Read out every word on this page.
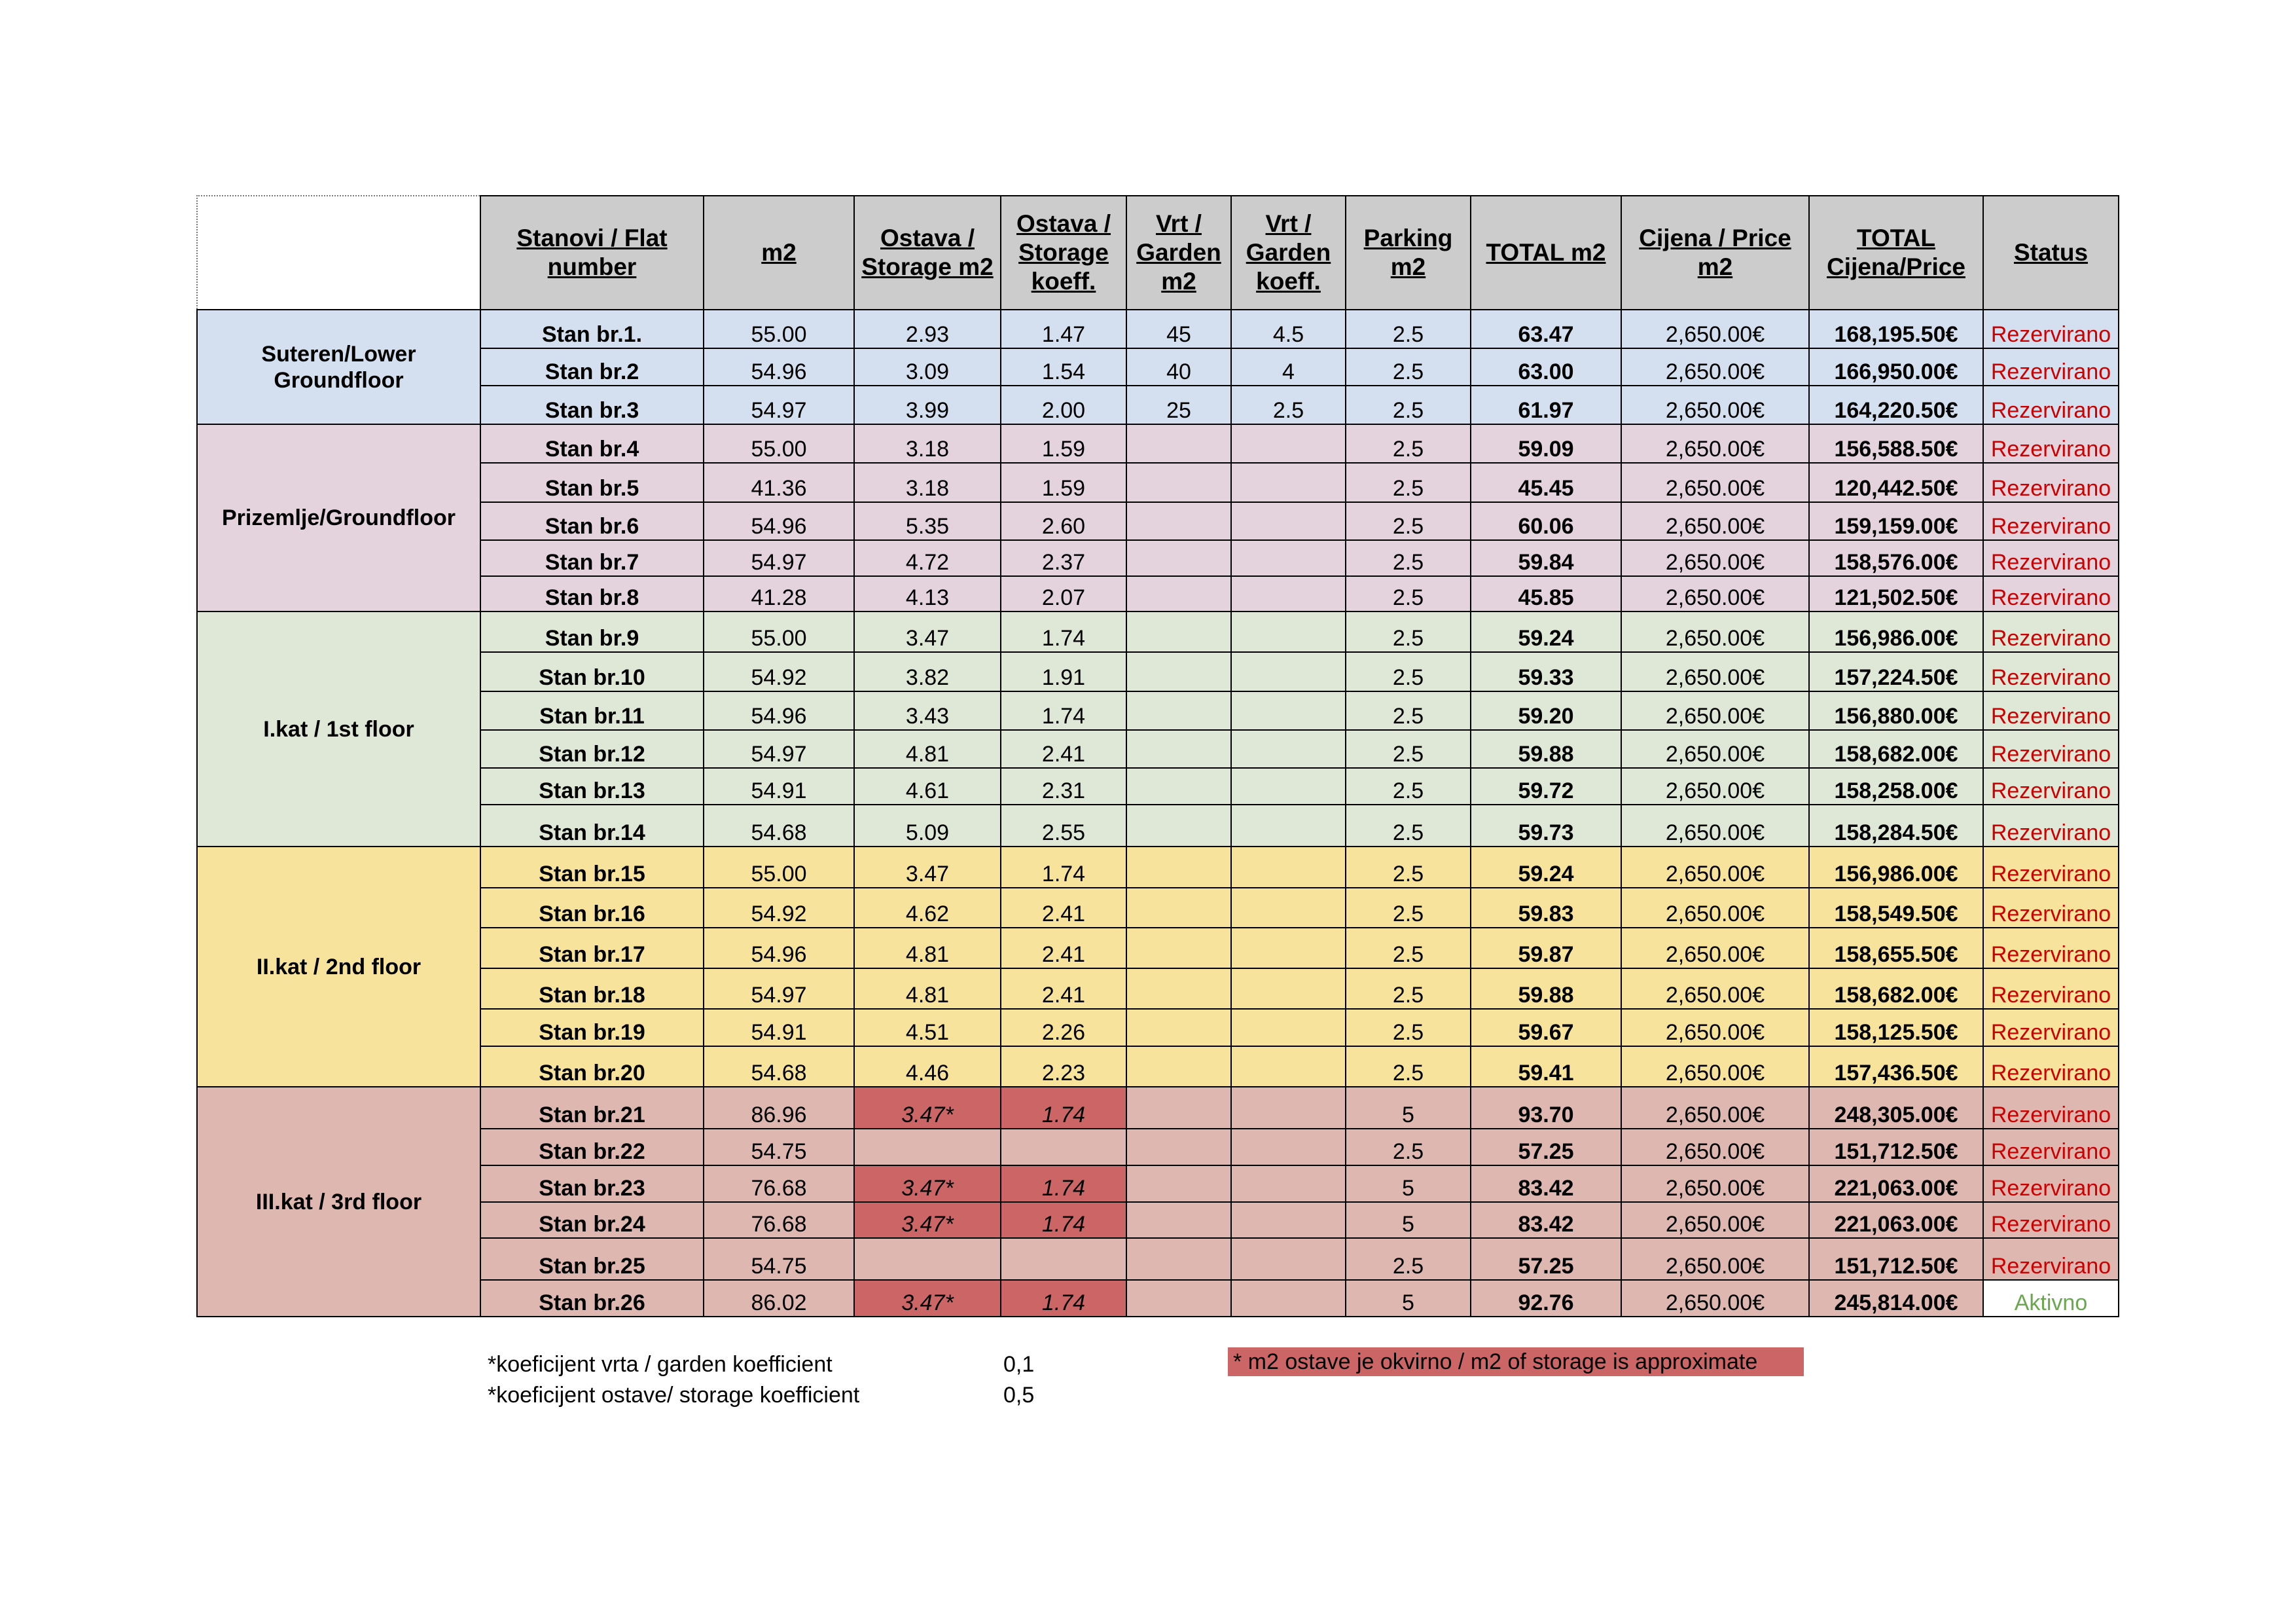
	Stanovi / Flat number	m2	Ostava / Storage m2	Ostava / Storage koeff.	Vrt / Garden m2	Vrt / Garden koeff.	Parking m2	TOTAL m2	Cijena / Price m2	TOTAL Cijena/Price	Status
Suteren/Lower Groundfloor	Stan br.1.	55.00	2.93	1.47	45	4.5	2.5	63.47	2,650.00€	168,195.50€	Rezervirano
	Stan br.2	54.96	3.09	1.54	40	4	2.5	63.00	2,650.00€	166,950.00€	Rezervirano
	Stan br.3	54.97	3.99	2.00	25	2.5	2.5	61.97	2,650.00€	164,220.50€	Rezervirano
Prizemlje/Groundfloor	Stan br.4	55.00	3.18	1.59			2.5	59.09	2,650.00€	156,588.50€	Rezervirano
	Stan br.5	41.36	3.18	1.59			2.5	45.45	2,650.00€	120,442.50€	Rezervirano
	Stan br.6	54.96	5.35	2.60			2.5	60.06	2,650.00€	159,159.00€	Rezervirano
	Stan br.7	54.97	4.72	2.37			2.5	59.84	2,650.00€	158,576.00€	Rezervirano
	Stan br.8	41.28	4.13	2.07			2.5	45.85	2,650.00€	121,502.50€	Rezervirano
I.kat / 1st floor	Stan br.9	55.00	3.47	1.74			2.5	59.24	2,650.00€	156,986.00€	Rezervirano
	Stan br.10	54.92	3.82	1.91			2.5	59.33	2,650.00€	157,224.50€	Rezervirano
	Stan br.11	54.96	3.43	1.74			2.5	59.20	2,650.00€	156,880.00€	Rezervirano
	Stan br.12	54.97	4.81	2.41			2.5	59.88	2,650.00€	158,682.00€	Rezervirano
	Stan br.13	54.91	4.61	2.31			2.5	59.72	2,650.00€	158,258.00€	Rezervirano
	Stan br.14	54.68	5.09	2.55			2.5	59.73	2,650.00€	158,284.50€	Rezervirano
II.kat / 2nd floor	Stan br.15	55.00	3.47	1.74			2.5	59.24	2,650.00€	156,986.00€	Rezervirano
	Stan br.16	54.92	4.62	2.41			2.5	59.83	2,650.00€	158,549.50€	Rezervirano
	Stan br.17	54.96	4.81	2.41			2.5	59.87	2,650.00€	158,655.50€	Rezervirano
	Stan br.18	54.97	4.81	2.41			2.5	59.88	2,650.00€	158,682.00€	Rezervirano
	Stan br.19	54.91	4.51	2.26			2.5	59.67	2,650.00€	158,125.50€	Rezervirano
	Stan br.20	54.68	4.46	2.23			2.5	59.41	2,650.00€	157,436.50€	Rezervirano
III.kat / 3rd floor	Stan br.21	86.96	3.47*	1.74			5	93.70	2,650.00€	248,305.00€	Rezervirano
	Stan br.22	54.75					2.5	57.25	2,650.00€	151,712.50€	Rezervirano
	Stan br.23	76.68	3.47*	1.74			5	83.42	2,650.00€	221,063.00€	Rezervirano
	Stan br.24	76.68	3.47*	1.74			5	83.42	2,650.00€	221,063.00€	Rezervirano
	Stan br.25	54.75					2.5	57.25	2,650.00€	151,712.50€	Rezervirano
	Stan br.26	86.02	3.47*	1.74			5	92.76	2,650.00€	245,814.00€	Aktivno
*koeficijent vrta / garden koefficient	0,1
*koeficijent ostave/ storage koefficient	0,5
* m2 ostave je okvirno / m2 of storage is approximate
